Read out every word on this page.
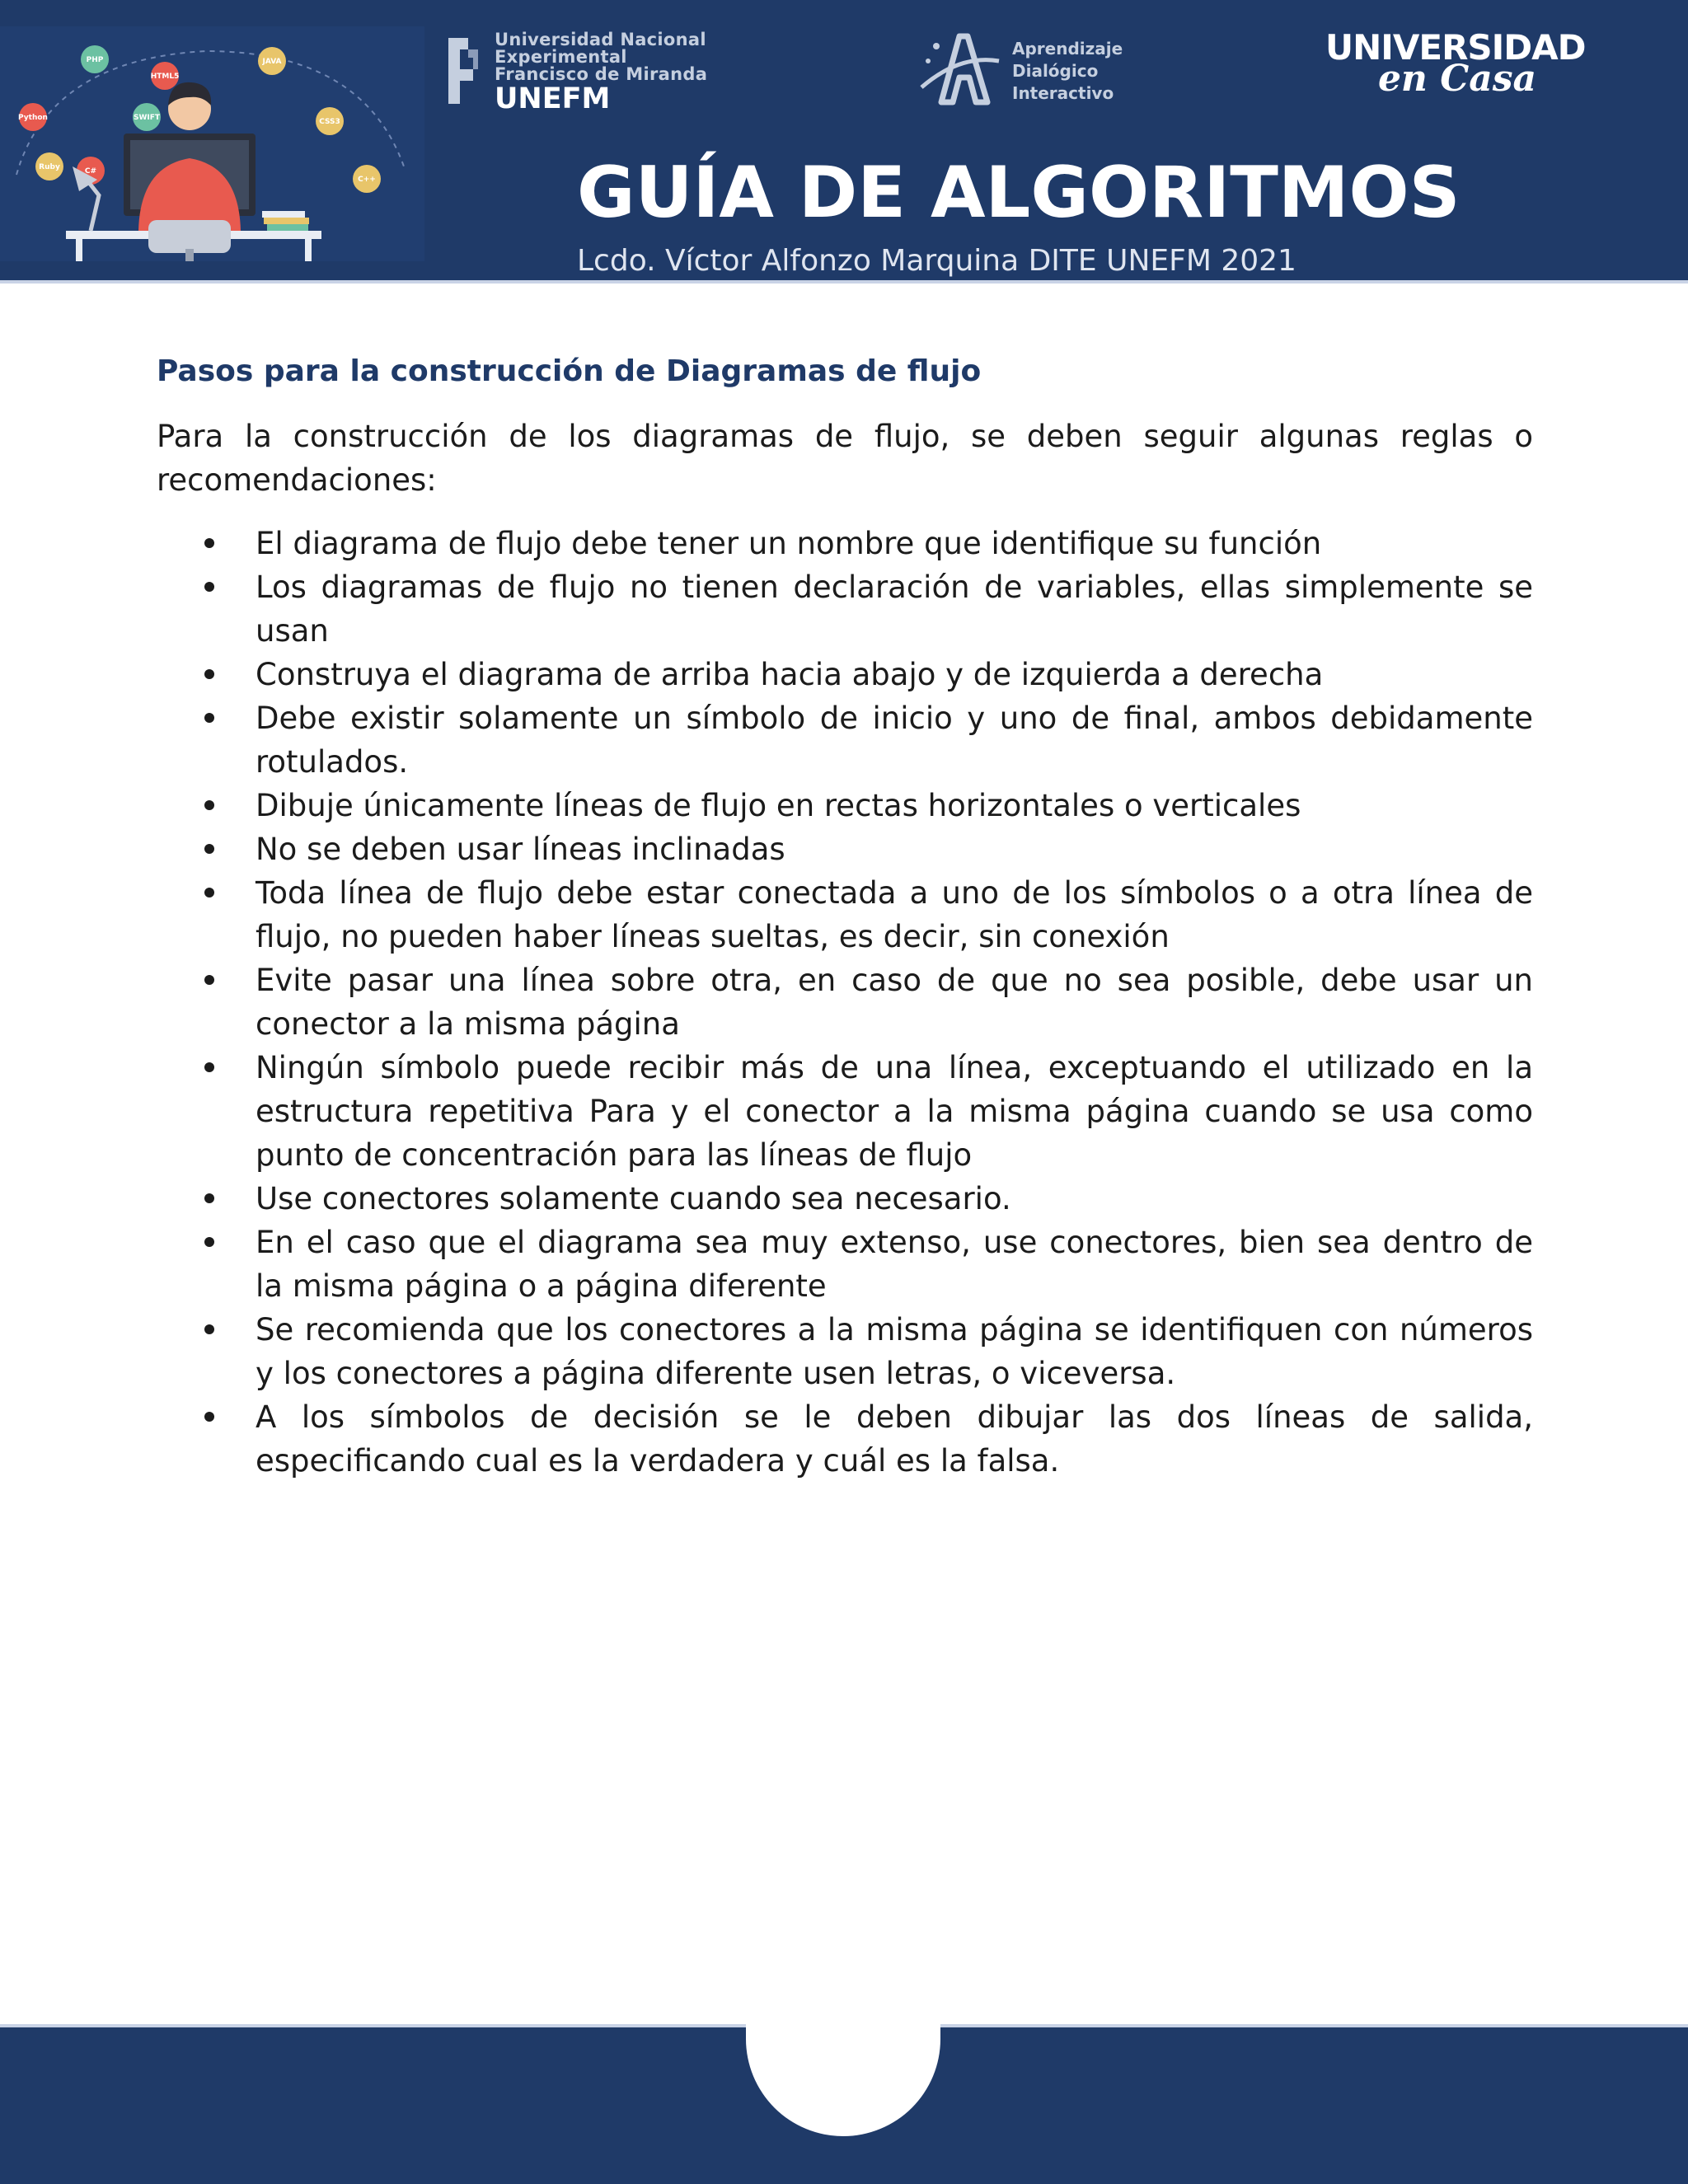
PHP
HTML5
JAVA
Python	SWIFT	CSS3
Ruby	C#
C++
Universidad Nacional
Experimental
Francisco de Miranda
UNEFM
Aprendizaje
Dialógico
Interactivo
UNIVERSIDAD
en Casa
GUÍA DE ALGORITMOS
Lcdo. Víctor Alfonzo Marquina DITE UNEFM 2021
Pasos para la construcción de Diagramas de flujo

Para la construcción de los diagramas de flujo, se deben seguir algunas reglas o recomendaciones:

El diagrama de flujo debe tener un nombre que identifique su función
Los diagramas de flujo no tienen declaración de variables, ellas simplemente se usan
Construya el diagrama de arriba hacia abajo y de izquierda a derecha
Debe existir solamente un símbolo de inicio y uno de final, ambos debidamente rotulados.
Dibuje únicamente líneas de flujo en rectas horizontales o verticales
No se deben usar líneas inclinadas
Toda línea de flujo debe estar conectada a uno de los símbolos o a otra línea de flujo, no pueden haber líneas sueltas, es decir, sin conexión
Evite pasar una línea sobre otra, en caso de que no sea posible, debe usar un conector a la misma página
Ningún símbolo puede recibir más de una línea, exceptuando el utilizado en la estructura repetitiva Para y el conector a la misma página cuando se usa como punto de concentración para las líneas de flujo
Use conectores solamente cuando sea necesario.
En el caso que el diagrama sea muy extenso, use conectores, bien sea dentro de la misma página o a página diferente
Se recomienda que los conectores a la misma página se identifiquen con números y los conectores a página diferente usen letras, o viceversa.
A los símbolos de decisión se le deben dibujar las dos líneas de salida, especificando cual es la verdadera y cuál es la falsa.
